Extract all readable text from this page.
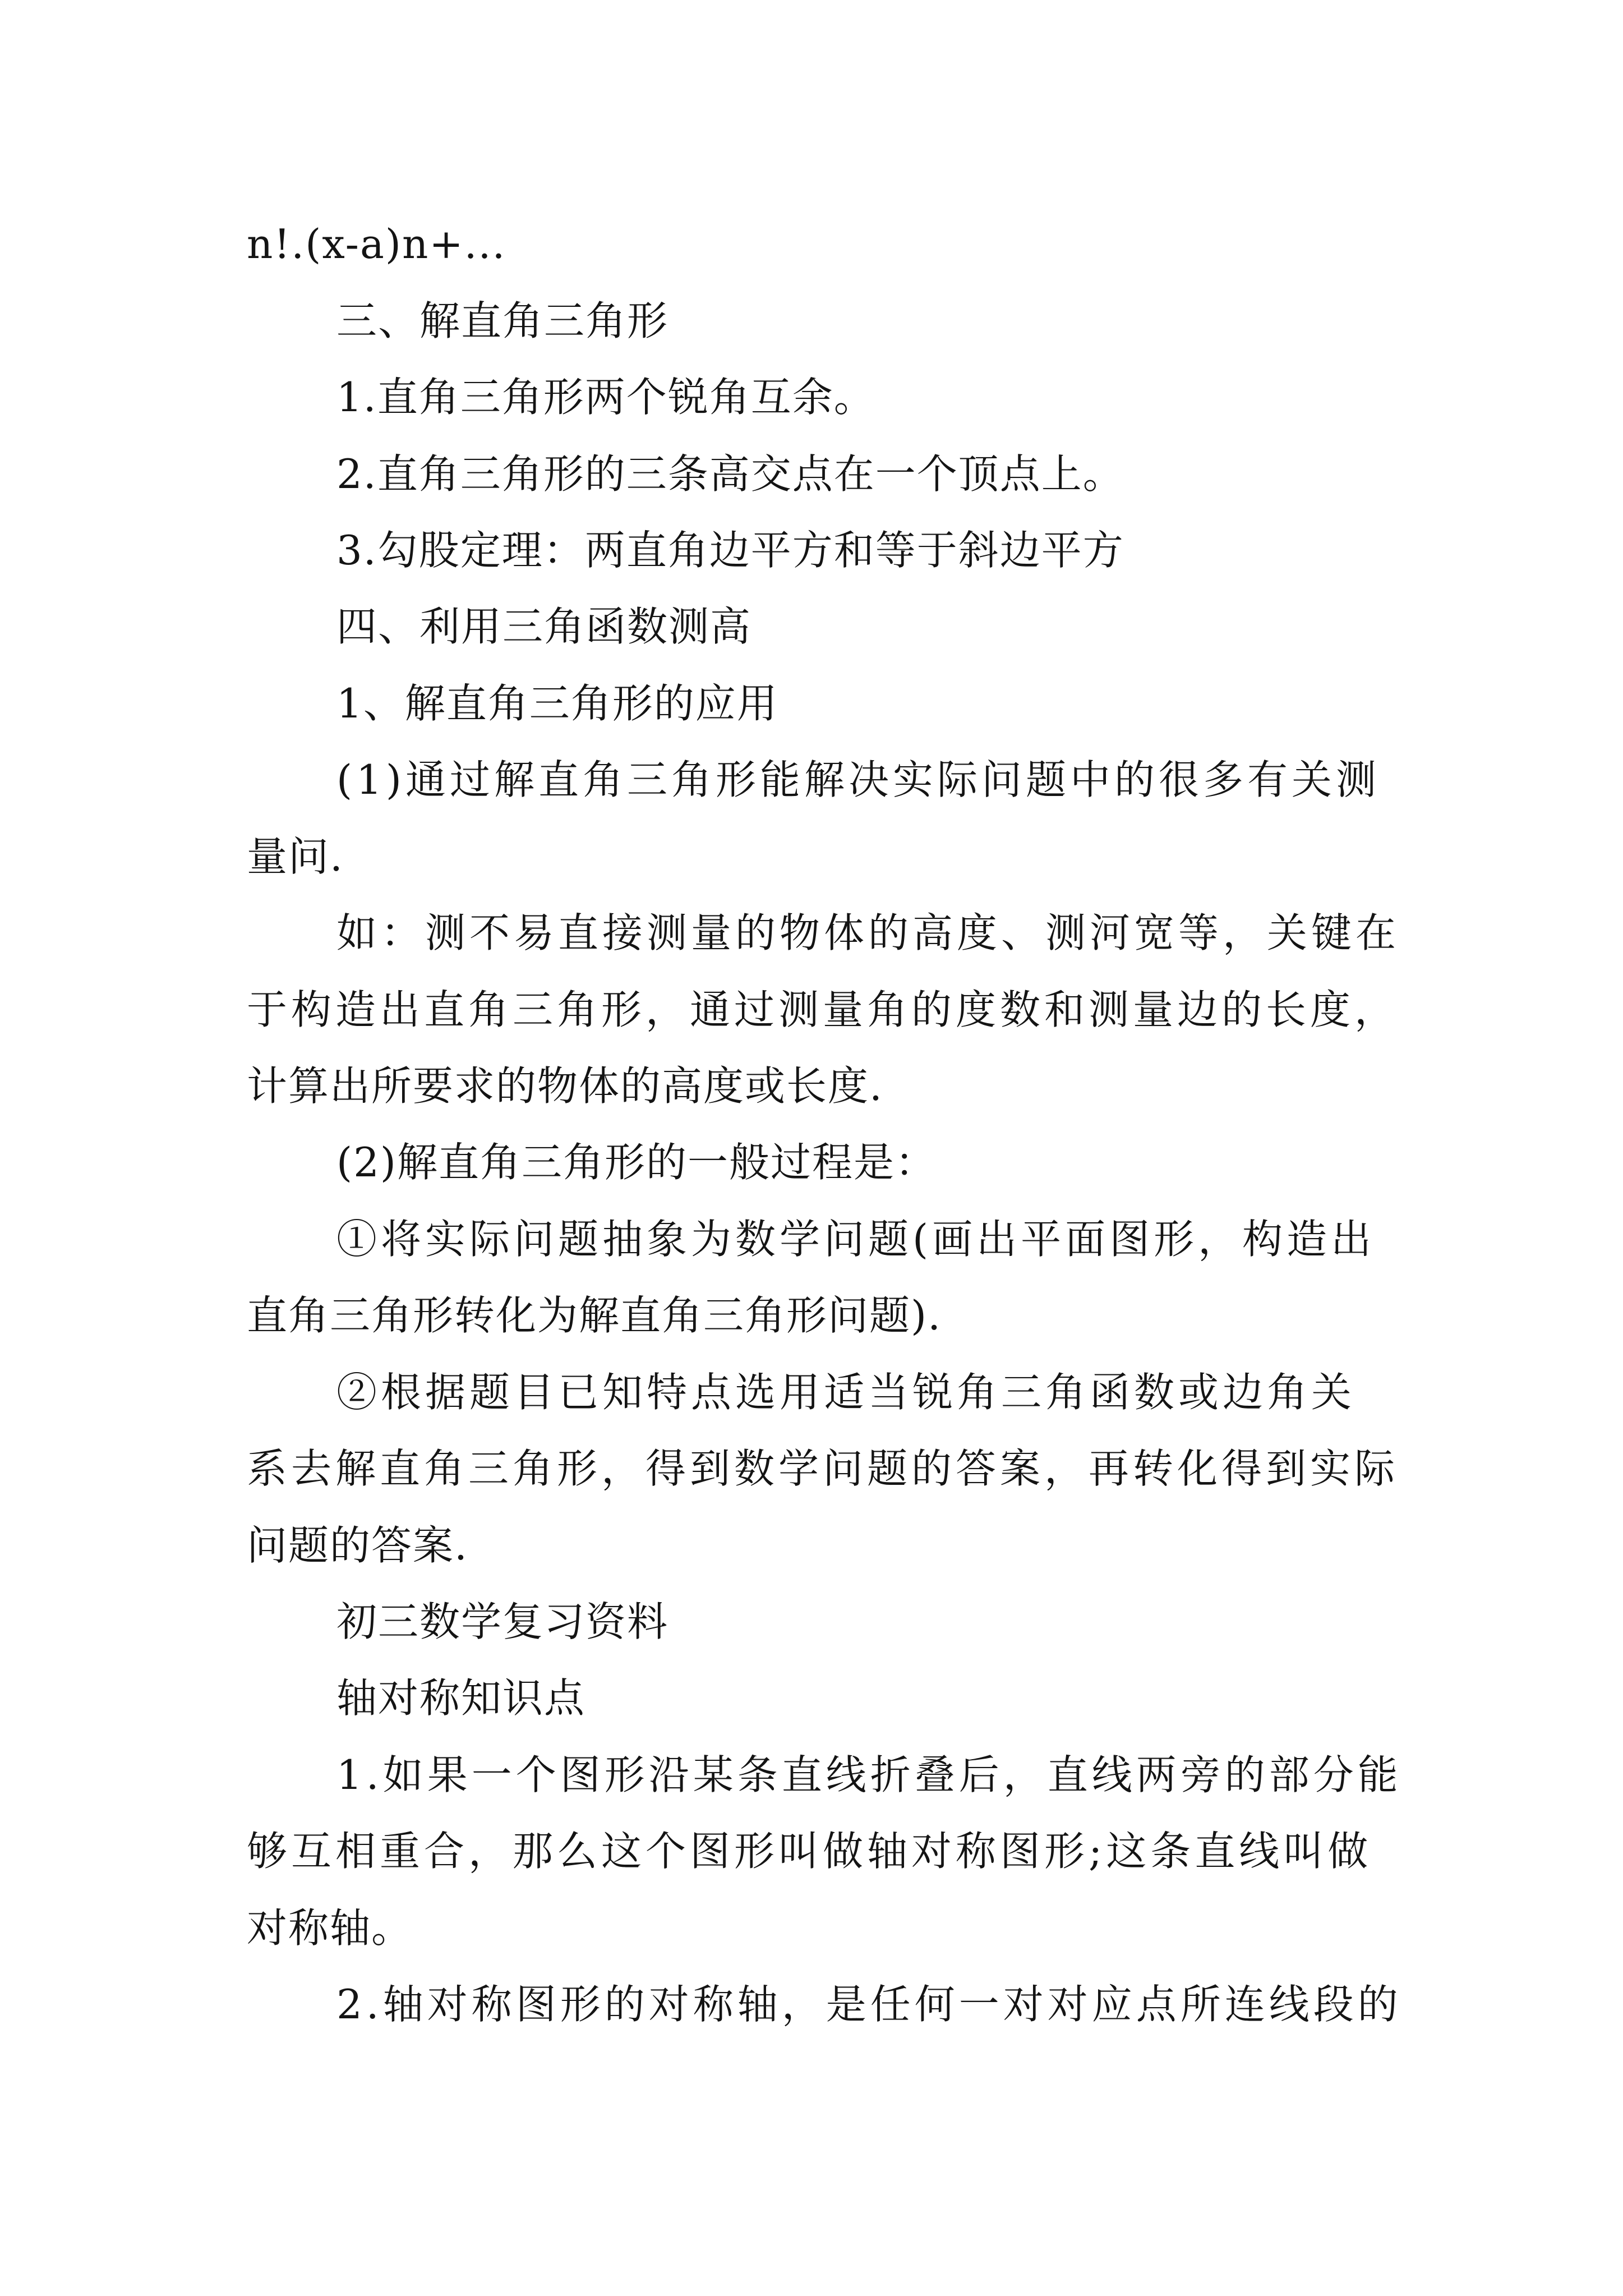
n!.(x-a)n+...

三、解直角三角形

1.直角三角形两个锐角互余。

2.直角三角形的三条高交点在一个顶点上。

3.勾股定理：两直角边平方和等于斜边平方

四、利用三角函数测高

1、解直角三角形的应用

(1)通过解直角三角形能解决实际问题中的很多有关测

量问.

如：测不易直接测量的物体的高度、测河宽等，关键在

于构造出直角三角形，通过测量角的度数和测量边的长度，

计算出所要求的物体的高度或长度.

(2)解直角三角形的一般过程是：

①将实际问题抽象为数学问题(画出平面图形，构造出

直角三角形转化为解直角三角形问题).

②根据题目已知特点选用适当锐角三角函数或边角关

系去解直角三角形，得到数学问题的答案，再转化得到实际

问题的答案.

初三数学复习资料

轴对称知识点

1.如果一个图形沿某条直线折叠后，直线两旁的部分能

够互相重合，那么这个图形叫做轴对称图形;这条直线叫做

对称轴。

2.轴对称图形的对称轴，是任何一对对应点所连线段的
